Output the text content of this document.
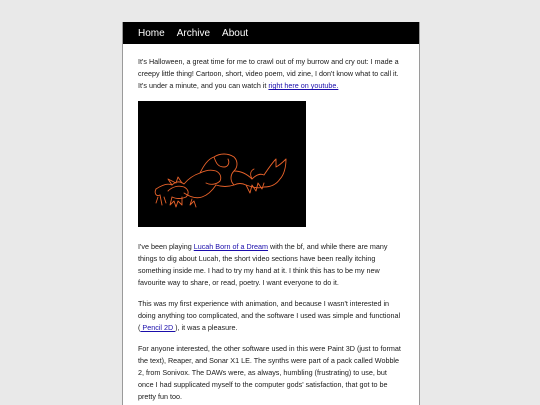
Home Archive About

It's Halloween, a great time for me to crawl out of my burrow and cry out: I made a creepy little thing! Cartoon, short, video poem, vid zine, I don't know what to call it. It's under a minute, and you can watch it right here on youtube.

I've been playing Lucah Born of a Dream with the bf, and while there are many things to dig about Lucah, the short video sections have been really itching something inside me. I had to try my hand at it. I think this has to be my new favourite way to share, or read, poetry. I want everyone to do it.

This was my first experience with animation, and because I wasn't interested in doing anything too complicated, and the software I used was simple and functional ( Pencil 2D ), it was a pleasure.

For anyone interested, the other software used in this were Paint 3D (just to format the text), Reaper, and Sonar X1 LE. The synths were part of a pack called Wobble 2, from Sonivox. The DAWs were, as always, humbling (frustrating) to use, but once I had supplicated myself to the computer gods' satisfaction, that got to be pretty fun too.
